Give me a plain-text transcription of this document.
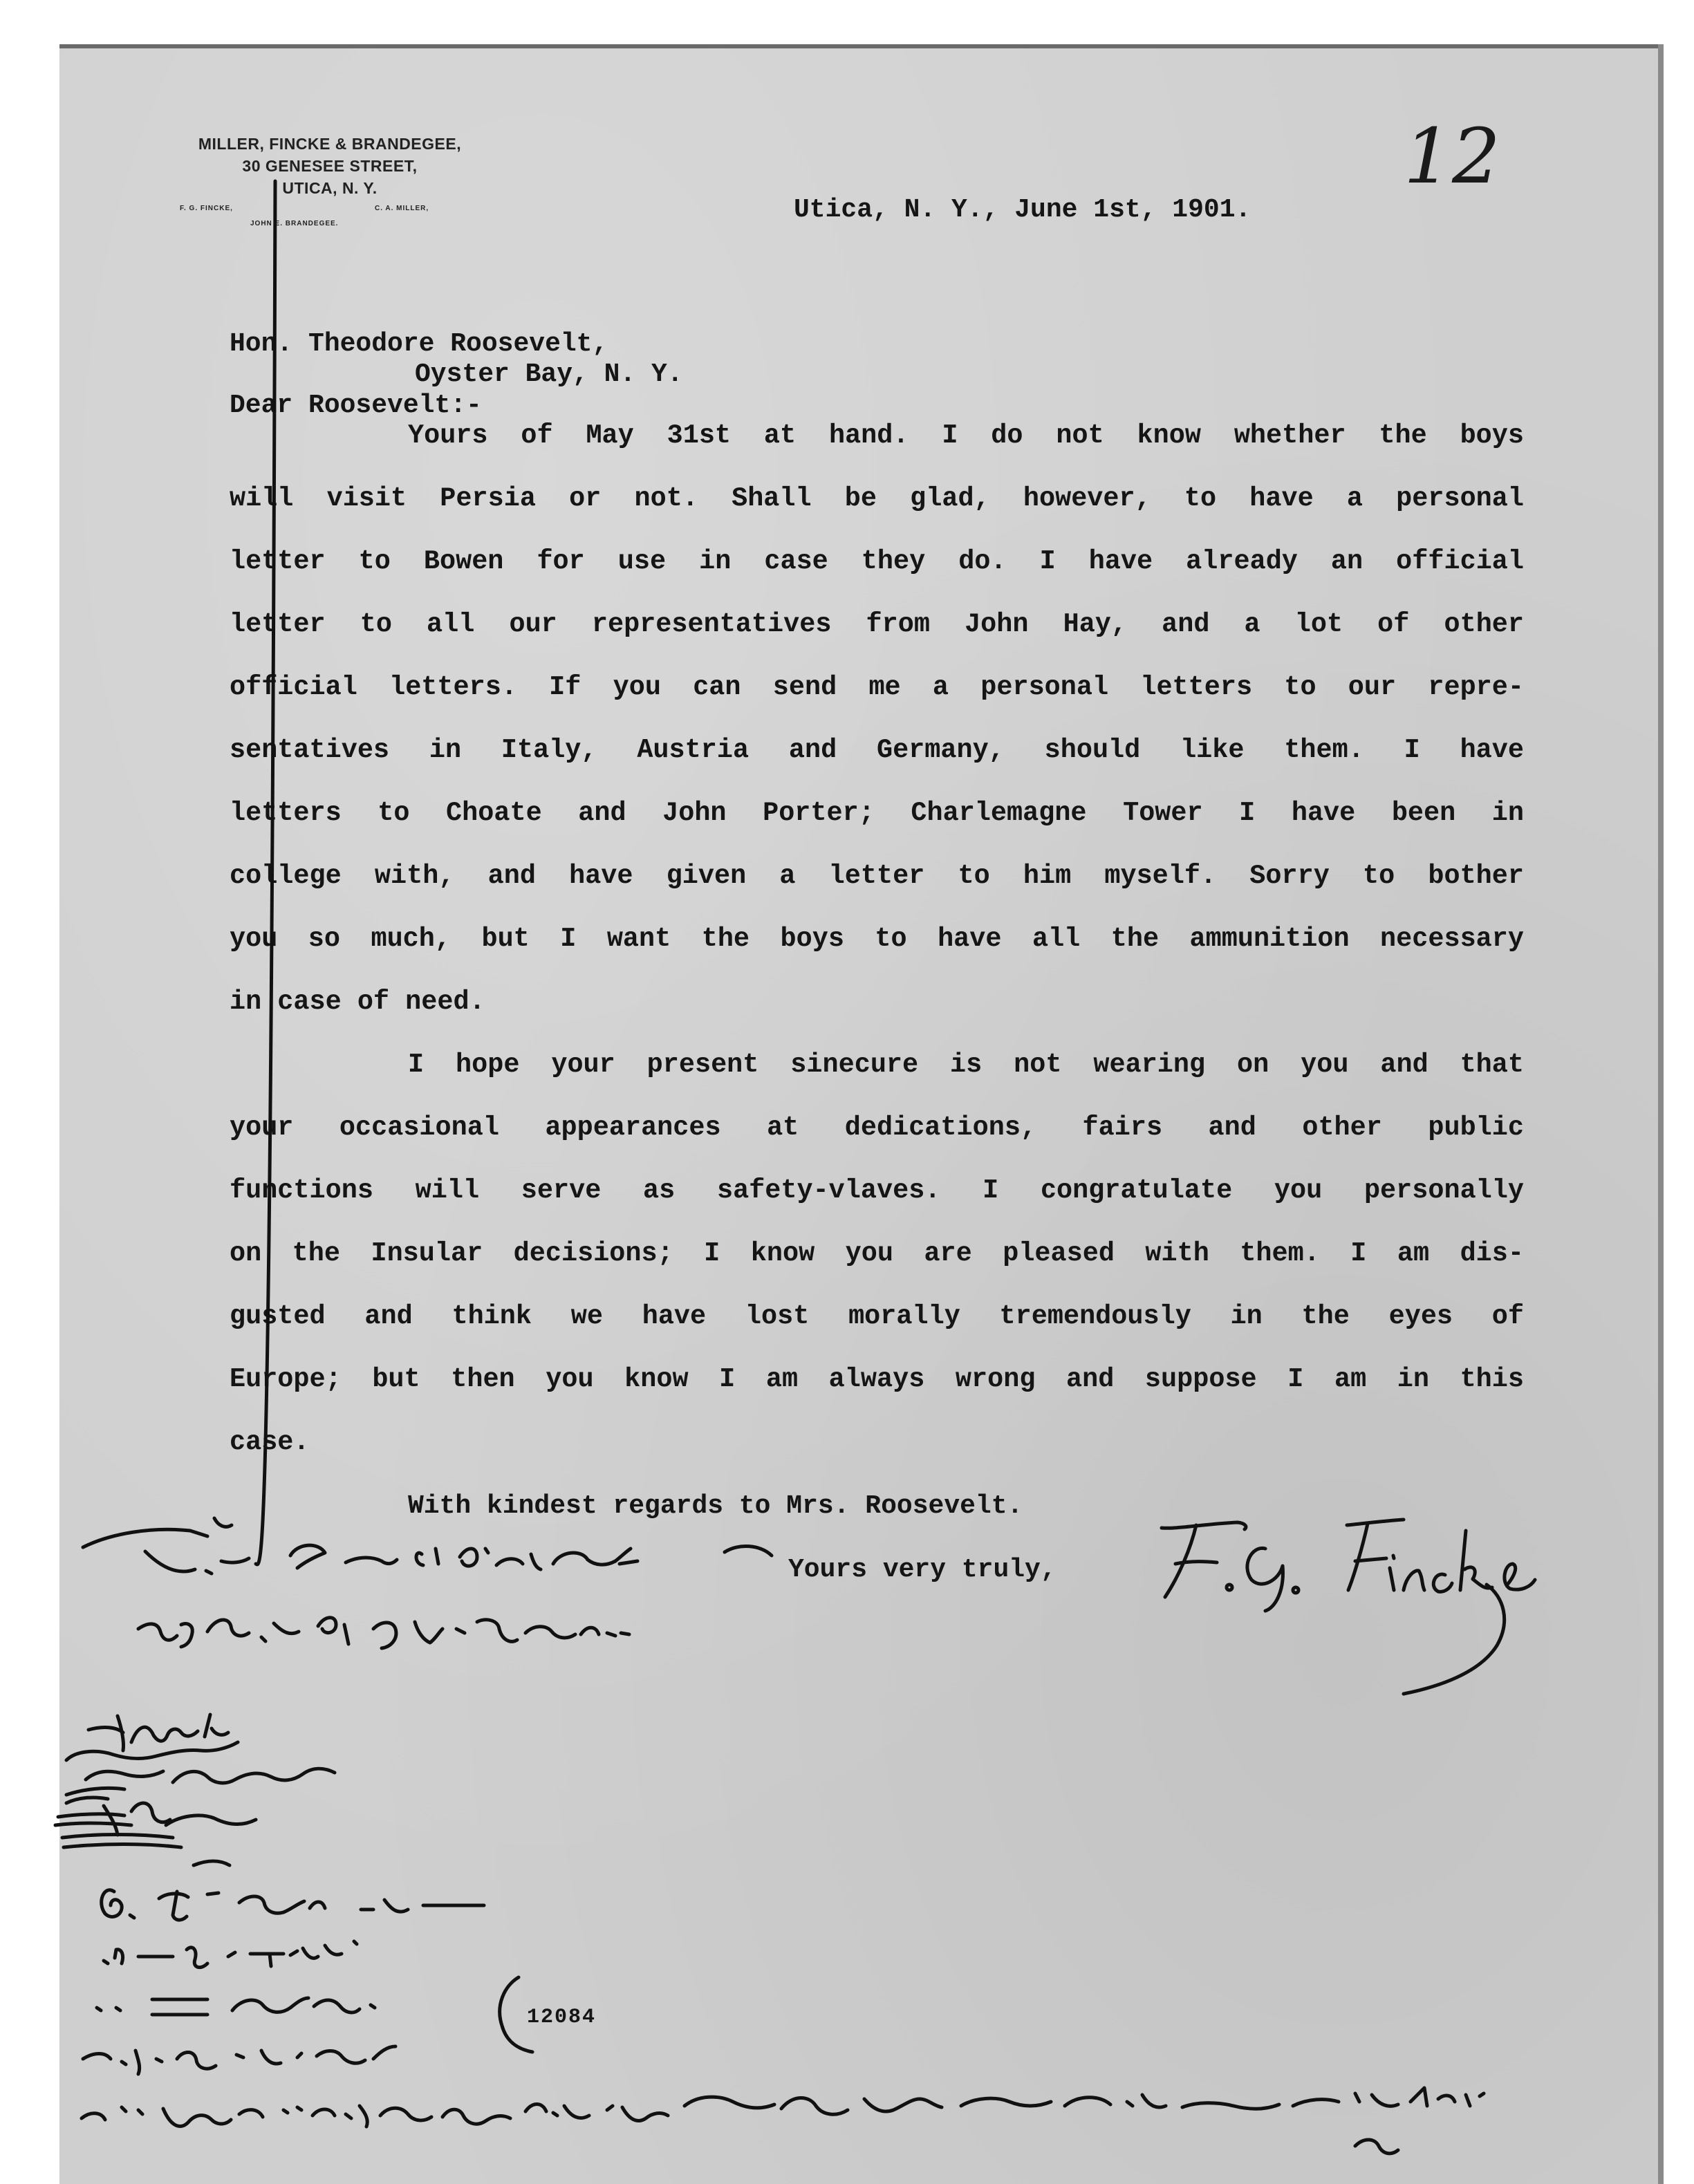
MILLER, FINCKE & BRANDEGEE,
30 GENESEE STREET,
UTICA, N. Y.
F. G. FINCKE,	C. A. MILLER,
JOHN E. BRANDEGEE.
12
Utica, N. Y., June 1st, 1901.
Hon. Theodore Roosevelt,
Oyster Bay, N. Y.
Dear Roosevelt:-
Yours of May 31st at hand. I do not know whether the boys
will visit Persia or not. Shall be glad, however, to have a personal
letter to Bowen for use in case they do. I have already an official
letter to all our representatives from John Hay, and a lot of other
official letters. If you can send me a personal letters to our repre-
sentatives in Italy, Austria and Germany, should like them. I have
letters to Choate and John Porter; Charlemagne Tower I have been in
college with, and have given a letter to him myself. Sorry to bother
you so much, but I want the boys to have all the ammunition necessary
in case of need.
I hope your present sinecure is not wearing on you and that
your occasional appearances at dedications, fairs and other public
functions will serve as safety-vlaves. I congratulate you personally
on the Insular decisions; I know you are pleased with them. I am dis-
gusted and think we have lost morally tremendously in the eyes of
Europe; but then you know I am always wrong and suppose I am in this
case.
With kindest regards to Mrs. Roosevelt.
Yours very truly,
12084
